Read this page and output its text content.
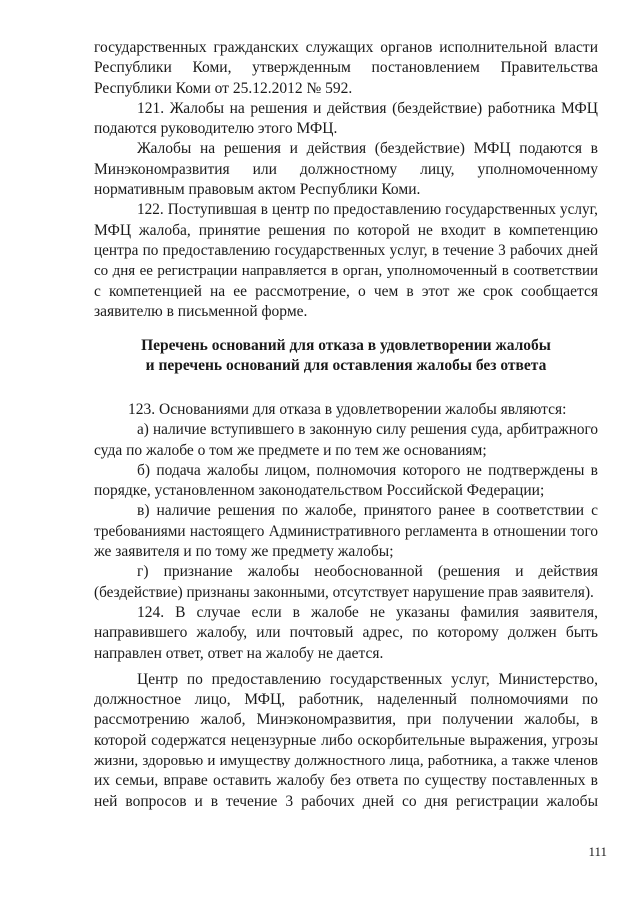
государственных гражданских служащих органов исполнительной власти
Республики Коми, утвержденным постановлением Правительства
Республики Коми от 25.12.2012 № 592.
121. Жалобы на решения и действия (бездействие) работника МФЦ
подаются руководителю этого МФЦ.
Жалобы на решения и действия (бездействие) МФЦ подаются в
Минэкономразвития или должностному лицу, уполномоченному
нормативным правовым актом Республики Коми.
122. Поступившая в центр по предоставлению государственных услуг,
МФЦ жалоба, принятие решения по которой не входит в компетенцию
центра по предоставлению государственных услуг, в течение 3 рабочих дней
со дня ее регистрации направляется в орган, уполномоченный в соответствии
с компетенцией на ее рассмотрение, о чем в этот же срок сообщается
заявителю в письменной форме.
Перечень оснований для отказа в удовлетворении жалобы
и перечень оснований для оставления жалобы без ответа
123. Основаниями для отказа в удовлетворении жалобы являются:
а) наличие вступившего в законную силу решения суда, арбитражного
суда по жалобе о том же предмете и по тем же основаниям;
б) подача жалобы лицом, полномочия которого не подтверждены в
порядке, установленном законодательством Российской Федерации;
в) наличие решения по жалобе, принятого ранее в соответствии с
требованиями настоящего Административного регламента в отношении того
же заявителя и по тому же предмету жалобы;
г) признание жалобы необоснованной (решения и действия
(бездействие) признаны законными, отсутствует нарушение прав заявителя).
124. В случае если в жалобе не указаны фамилия заявителя,
направившего жалобу, или почтовый адрес, по которому должен быть
направлен ответ, ответ на жалобу не дается.
Центр по предоставлению государственных услуг, Министерство,
должностное лицо, МФЦ, работник, наделенный полномочиями по
рассмотрению жалоб, Минэкономразвития, при получении жалобы, в
которой содержатся нецензурные либо оскорбительные выражения, угрозы
жизни, здоровью и имуществу должностного лица, работника, а также членов
их семьи, вправе оставить жалобу без ответа по существу поставленных в
ней вопросов и в течение 3 рабочих дней со дня регистрации жалобы
111
